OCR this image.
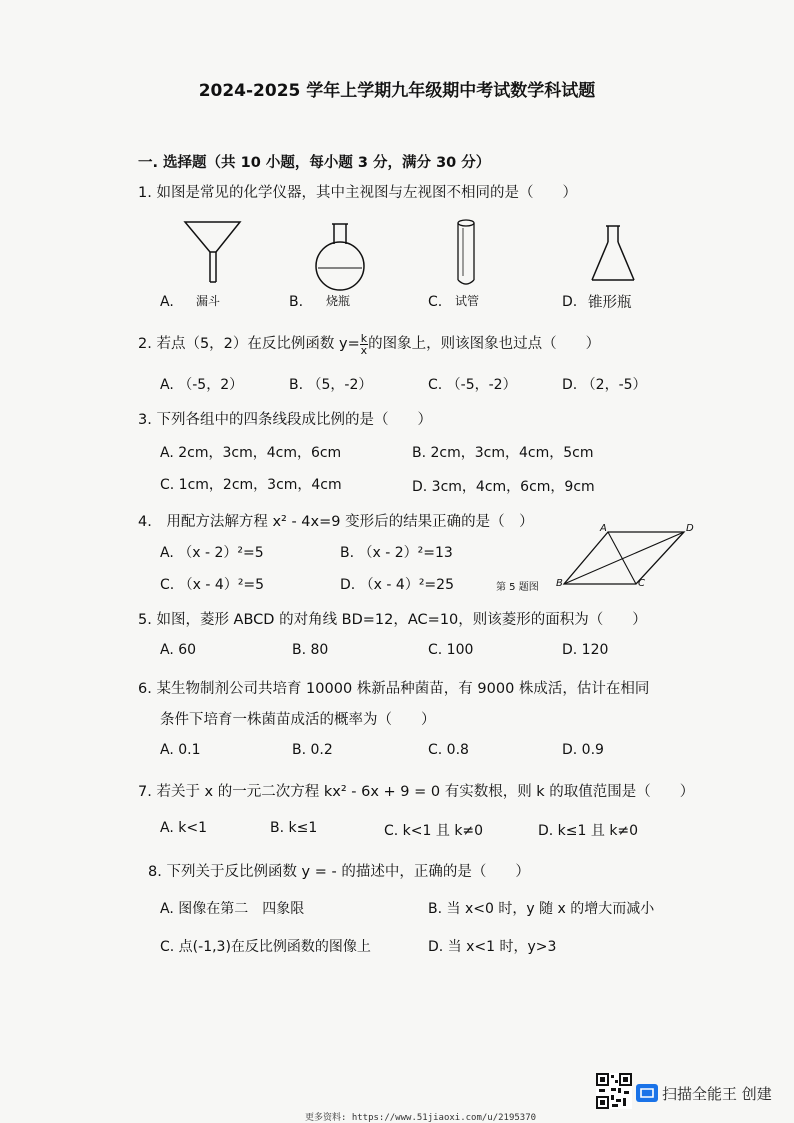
2024-2025 学年上学期九年级期中考试数学科试题
一. 选择题（共 10 小题，每小题 3 分，满分 30 分）
1. 如图是常见的化学仪器，其中主视图与左视图不相同的是（　　）
A. 漏斗	B. 烧瓶	C. 试管	D. 锥形瓶
2. 若点（5，2）在反比例函数 $y= \frac{k}{x}$ 的图象上，则该图象也过点（　　）
A. （-5，2）	B. （5，-2）	C. （-5，-2）	D. （2，-5）
3. 下列各组中的四条线段成比例的是（　　）
A. 2cm，3cm，4cm，6cm	B. 2cm，3cm，4cm，5cm
C. 1cm，2cm，3cm，4cm	D. 3cm，4cm，6cm，9cm
4.　用配方法解方程 x² - 4x=9 变形后的结果正确的是（　）
A. （x - 2）²=5	B. （x - 2）²=13
C. （x - 4）²=5	D. （x - 4）²=25
A	D
B	C
第 5 题图
5. 如图，菱形 ABCD 的对角线 BD=12，AC=10，则该菱形的面积为（　　）
A. 60	B. 80	C. 100	D. 120
6. 某生物制剂公司共培育 10000 株新品种菌苗，有 9000 株成活，估计在相同
条件下培育一株菌苗成活的概率为（　　）
A. 0.1	B. 0.2	C. 0.8	D. 0.9
7. 若关于 x 的一元二次方程 kx² - 6x + 9 = 0 有实数根，则 k 的取值范围是（　　）
A. k<1	B. k≤1	C. k<1 且 k≠0	D. k≤1 且 k≠0
8. 下列关于反比例函数 y = - 的描述中，正确的是（　　）
A. 图像在第二　四象限	B. 当 x<0 时，y 随 x 的增大而减小
C. 点(-1,3)在反比例函数的图像上	D. 当 x<1 时，y>3
扫描全能王 创建
更多资料: https://www.51jiaoxi.com/u/2195370
